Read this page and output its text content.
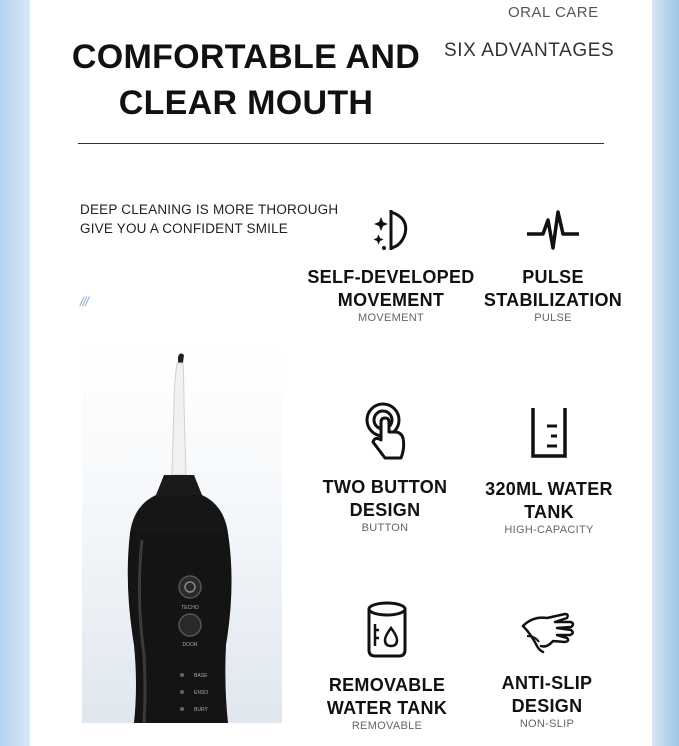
ORAL CARE
SIX ADVANTAGES
COMFORTABLE AND
CLEAR MOUTH
DEEP CLEANING IS MORE THOROUGH
GIVE YOU A CONFIDENT SMILE
///
TECHO
DOOR
BASE
ENSO
BURY
SELF-DEVELOPED
MOVEMENT
MOVEMENT
PULSE
STABILIZATION
PULSE
TWO BUTTON
DESIGN
BUTTON
320ML WATER
TANK
HIGH-CAPACITY
REMOVABLE
WATER TANK
REMOVABLE
ANTI-SLIP
DESIGN
NON-SLIP
